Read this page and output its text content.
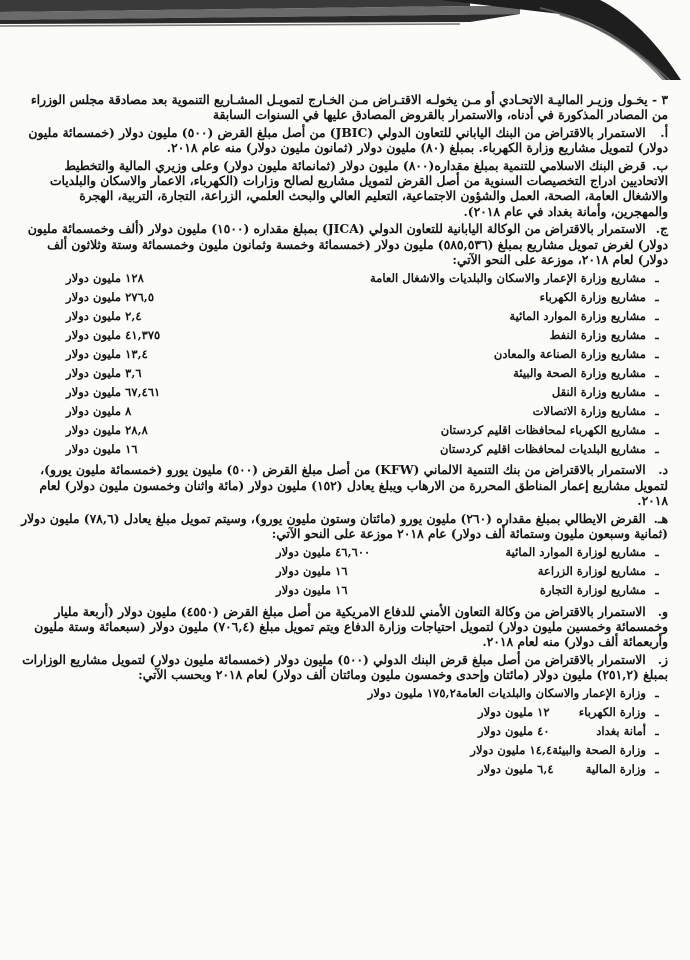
٣ - يخـول وزيـر الماليـة الاتحـادي أو مـن يخولـه الاقتـراض مـن الخـارج لتمويـل المشـاريع التنموية بعد مصادقة مجلس الوزراء من المصادر المذكورة في أدناه، والاستمرار بالقروض المصادق عليها في السنوات السابقة

أ. الاستمرار بالاقتراض من البنك الياباني للتعاون الدولي (JBIC) من أصل مبلغ القرض (٥٠٠) مليون دولار (خمسمائة مليون دولار) لتمويل مشاريع وزارة الكهرباء. بمبلغ (٨٠) مليون دولار (ثمانون مليون دولار) منه عام ٢٠١٨.

ب. قرض البنك الاسلامي للتنمية بمبلغ مقداره(٨٠٠) مليون دولار (ثمانمائة مليون دولار) وعلى وزيري المالية والتخطيط الاتحاديين ادراج التخصيصات السنوية من أصل القرض لتمويل مشاريع لصالح وزارات (الكهرباء، الاعمار والاسكان والبلديات والاشغال العامة، الصحة، العمل والشؤون الاجتماعية، التعليم العالي والبحث العلمي، الزراعة، التجارة، التربية، الهجرة والمهجرين، وأمانة بغداد في عام ٢٠١٨).

ج. الاستمرار بالاقتراض من الوكالة اليابانية للتعاون الدولي (JICA) بمبلغ مقداره (١٥٠٠) مليون دولار (ألف وخمسمائة مليون دولار) لغرض تمويل مشاريع بمبلغ (٥٨٥,٥٣٦) مليون دولار (خمسمائة وخمسة وثمانون مليون وخمسمائة وستة وثلاثون ألف دولار) لعام ٢٠١٨، موزعة على النحو الآتي:

ـ
مشاريع وزارة الإعمار والاسكان والبلديات والاشغال العامة
١٢٨ مليون دولار
ـ
مشاريع وزارة الكهرباء
٢٧٦,٥ مليون دولار
ـ
مشاريع وزارة الموارد المائية
٢,٤ مليون دولار
ـ
مشاريع وزارة النفط
٤١,٣٧٥ مليون دولار
ـ
مشاريع وزارة الصناعة والمعادن
١٣,٤ مليون دولار
ـ
مشاريع وزارة الصحة والبيئة
٣,٦ مليون دولار
ـ
مشاريع وزارة النقل
٦٧,٤٦١ مليون دولار
ـ
مشاريع وزارة الاتصالات
٨ مليون دولار
ـ
مشاريع الكهرباء لمحافظات اقليم كردستان
٢٨,٨ مليون دولار
ـ
مشاريع البلديات لمحافظات اقليم كردستان
١٦ مليون دولار

د. الاستمرار بالاقتراض من بنك التنمية الالماني (KFW) من أصل مبلغ القرض (٥٠٠) مليون يورو (خمسمائة مليون يورو)، لتمويل مشاريع إعمار المناطق المحررة من الارهاب ويبلغ يعادل (١٥٢) مليون دولار (مائة واثنان وخمسون مليون دولار) لعام ٢٠١٨.

هـ. القرض الايطالي بمبلغ مقداره (٢٦٠) مليون يورو (مائتان وستون مليون يورو)، وسيتم تمويل مبلغ يعادل (٧٨,٦) مليون دولار (ثمانية وسبعون مليون وستمائة ألف دولار) عام ٢٠١٨ موزعة على النحو الآتي:

ـ
مشاريع لوزارة الموارد المائية
٤٦,٦٠٠ مليون دولار
ـ
مشاريع لوزارة الزراعة
١٦ مليون دولار
ـ
مشاريع لوزارة التجارة
١٦ مليون دولار

و. الاستمرار بالاقتراض من وكالة التعاون الأمني للدفاع الامريكية من أصل مبلغ القرض (٤٥٥٠) مليون دولار (أربعة مليار وخمسمائة وخمسين مليون دولار) لتمويل احتياجات وزارة الدفاع ويتم تمويل مبلغ (٧٠٦,٤) مليون دولار (سبعمائة وستة مليون وأربعمائة ألف دولار) منه لعام ٢٠١٨.

ز. الاستمرار بالاقتراض من أصل مبلغ قرض البنك الدولي (٥٠٠) مليون دولار (خمسمائة مليون دولار) لتمويل مشاريع الوزارات بمبلغ (٢٥١,٢) مليون دولار (مائتان وإحدى وخمسون مليون ومائتان ألف دولار) لعام ٢٠١٨ وبحسب الآتي:

ـ
وزارة الإعمار والاسكان والبلديات العامة
١٧٥,٢ مليون دولار
ـ
وزارة الكهرباء
١٢ مليون دولار
ـ
أمانة بغداد
٤٠ مليون دولار
ـ
وزارة الصحة والبيئة
١٤,٤ مليون دولار
ـ
وزارة المالية
٦,٤ مليون دولار
